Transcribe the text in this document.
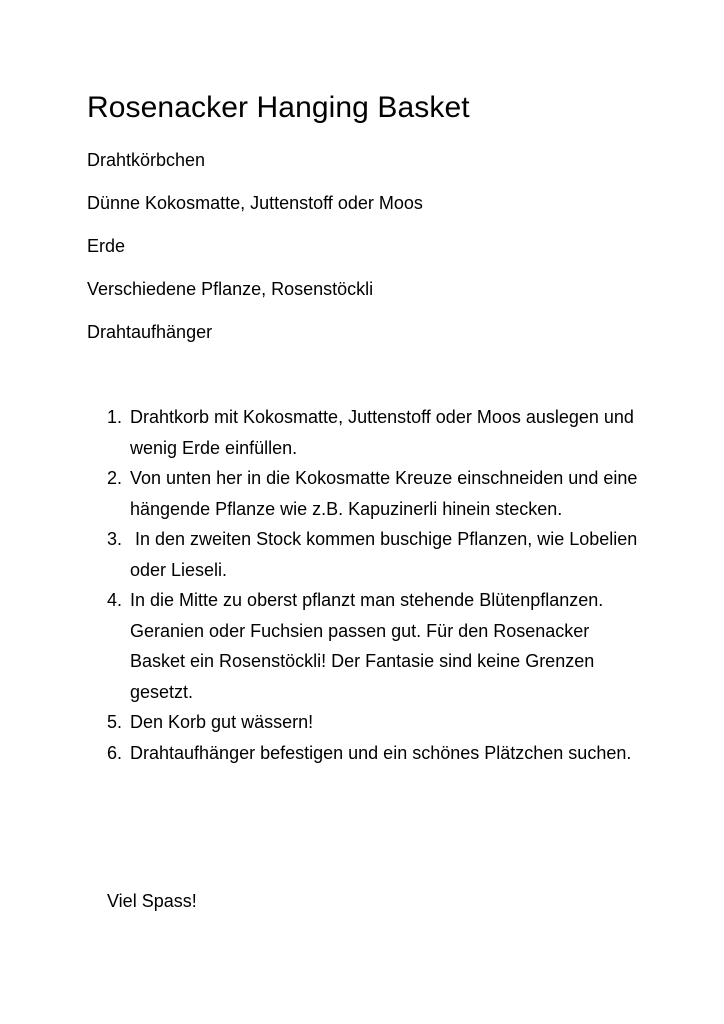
Rosenacker Hanging Basket
Drahtkörbchen
Dünne Kokosmatte, Juttenstoff oder Moos
Erde
Verschiedene Pflanze, Rosenstöckli
Drahtaufhänger
1. Drahtkorb mit Kokosmatte, Juttenstoff oder Moos auslegen und wenig Erde einfüllen.
2. Von unten her in die Kokosmatte Kreuze einschneiden und eine hängende Pflanze wie z.B. Kapuzinerli hinein stecken.
3. In den zweiten Stock kommen buschige Pflanzen, wie Lobelien oder Lieseli.
4. In die Mitte zu oberst pflanzt man stehende Blütenpflanzen. Geranien oder Fuchsien passen gut. Für den Rosenacker Basket ein Rosenstöckli! Der Fantasie sind keine Grenzen gesetzt.
5. Den Korb gut wässern!
6. Drahtaufhänger befestigen und ein schönes Plätzchen suchen.

Viel Spass!
